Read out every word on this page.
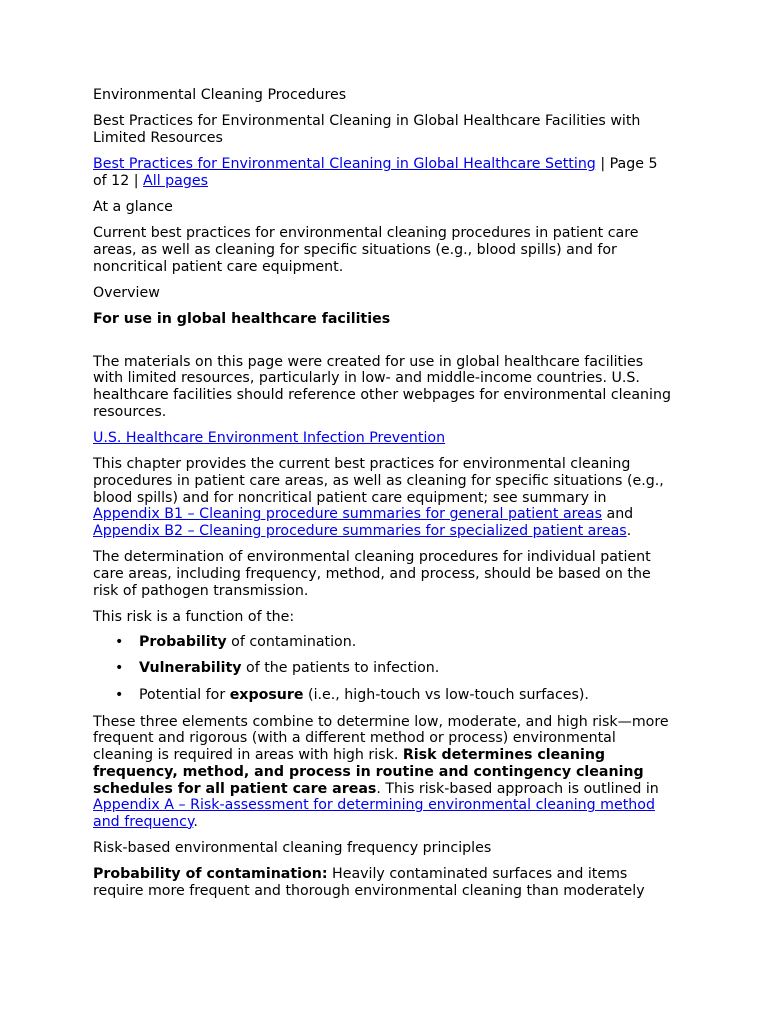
Environmental Cleaning Procedures

Best Practices for Environmental Cleaning in Global Healthcare Facilities with Limited Resources

Best Practices for Environmental Cleaning in Global Healthcare Setting | Page 5 of 12 | All pages

At a glance

Current best practices for environmental cleaning procedures in patient care areas, as well as cleaning for specific situations (e.g., blood spills) and for noncritical patient care equipment.

Overview

For use in global healthcare facilities

The materials on this page were created for use in global healthcare facilities with limited resources, particularly in low- and middle-income countries. U.S. healthcare facilities should reference other webpages for environmental cleaning resources.

U.S. Healthcare Environment Infection Prevention

This chapter provides the current best practices for environmental cleaning procedures in patient care areas, as well as cleaning for specific situations (e.g., blood spills) and for noncritical patient care equipment; see summary in Appendix B1 – Cleaning procedure summaries for general patient areas and Appendix B2 – Cleaning procedure summaries for specialized patient areas.

The determination of environmental cleaning procedures for individual patient care areas, including frequency, method, and process, should be based on the risk of pathogen transmission.

This risk is a function of the:

• Probability of contamination.
• Vulnerability of the patients to infection.
• Potential for exposure (i.e., high-touch vs low-touch surfaces).

These three elements combine to determine low, moderate, and high risk—more frequent and rigorous (with a different method or process) environmental cleaning is required in areas with high risk. Risk determines cleaning frequency, method, and process in routine and contingency cleaning schedules for all patient care areas. This risk-based approach is outlined in Appendix A – Risk-assessment for determining environmental cleaning method and frequency.

Risk-based environmental cleaning frequency principles

Probability of contamination: Heavily contaminated surfaces and items require more frequent and thorough environmental cleaning than moderately
